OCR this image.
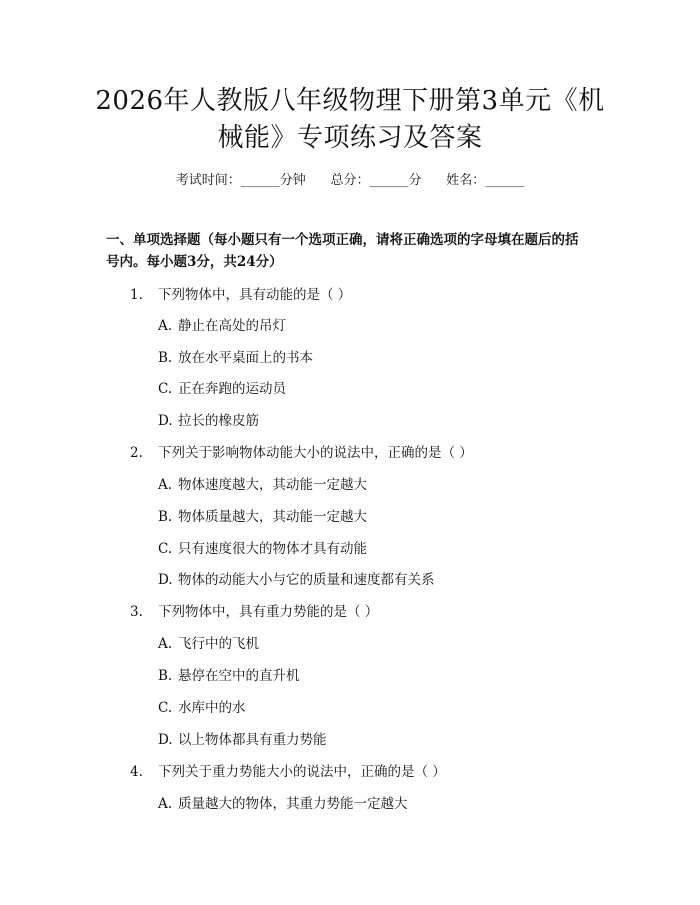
2026年人教版八年级物理下册第3单元《机
械能》专项练习及答案
考试时间：______分钟      总分：______分      姓名：______
一、单项选择题（每小题只有一个选项正确，请将正确选项的字母填在题后的括
号内。每小题3分，共24分）
1. 下列物体中，具有动能的是（ ）
A. 静止在高处的吊灯
B. 放在水平桌面上的书本
C. 正在奔跑的运动员
D. 拉长的橡皮筋
2. 下列关于影响物体动能大小的说法中，正确的是（ ）
A. 物体速度越大，其动能一定越大
B. 物体质量越大，其动能一定越大
C. 只有速度很大的物体才具有动能
D. 物体的动能大小与它的质量和速度都有关系
3. 下列物体中，具有重力势能的是（ ）
A. 飞行中的飞机
B. 悬停在空中的直升机
C. 水库中的水
D. 以上物体都具有重力势能
4. 下列关于重力势能大小的说法中，正确的是（ ）
A. 质量越大的物体，其重力势能一定越大
